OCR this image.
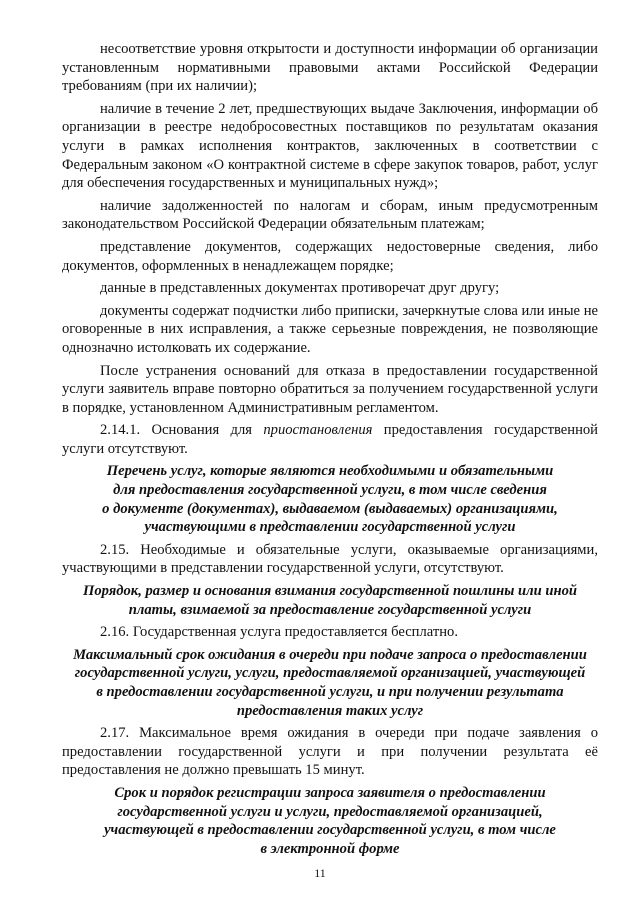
несоответствие уровня открытости и доступности информации об организации установленным нормативными правовыми актами Российской Федерации требованиям (при их наличии);

наличие в течение 2 лет, предшествующих выдаче Заключения, информации об организации в реестре недобросовестных поставщиков по результатам оказания услуги в рамках исполнения контрактов, заключенных в соответствии с Федеральным законом «О контрактной системе в сфере закупок товаров, работ, услуг для обеспечения государственных и муниципальных нужд»;

наличие задолженностей по налогам и сборам, иным предусмотренным законодательством Российской Федерации обязательным платежам;

представление документов, содержащих недостоверные сведения, либо документов, оформленных в ненадлежащем порядке;

данные в представленных документах противоречат друг другу;

документы содержат подчистки либо приписки, зачеркнутые слова или иные не оговоренные в них исправления, а также серьезные повреждения, не позволяющие однозначно истолковать их содержание.

После устранения оснований для отказа в предоставлении государственной услуги заявитель вправе повторно обратиться за получением государственной услуги в порядке, установленном Административным регламентом.

2.14.1. Основания для приостановления предоставления государственной услуги отсутствуют.

Перечень услуг, которые являются необходимыми и обязательными
для предоставления государственной услуги, в том числе сведения
о документе (документах), выдаваемом (выдаваемых) организациями,
участвующими в представлении государственной услуги

2.15. Необходимые и обязательные услуги, оказываемые организациями, участвующими в представлении государственной услуги, отсутствуют.

Порядок, размер и основания взимания государственной пошлины или иной
платы, взимаемой за предоставление государственной услуги

2.16. Государственная услуга предоставляется бесплатно.

Максимальный срок ожидания в очереди при подаче запроса о предоставлении
государственной услуги, услуги, предоставляемой организацией, участвующей
в предоставлении государственной услуги, и при получении результата
предоставления таких услуг

2.17. Максимальное время ожидания в очереди при подаче заявления о предоставлении государственной услуги и при получении результата её предоставления не должно превышать 15 минут.

Срок и порядок регистрации запроса заявителя о предоставлении
государственной услуги и услуги, предоставляемой организацией,
участвующей в предоставлении государственной услуги, в том числе
в электронной форме
11
